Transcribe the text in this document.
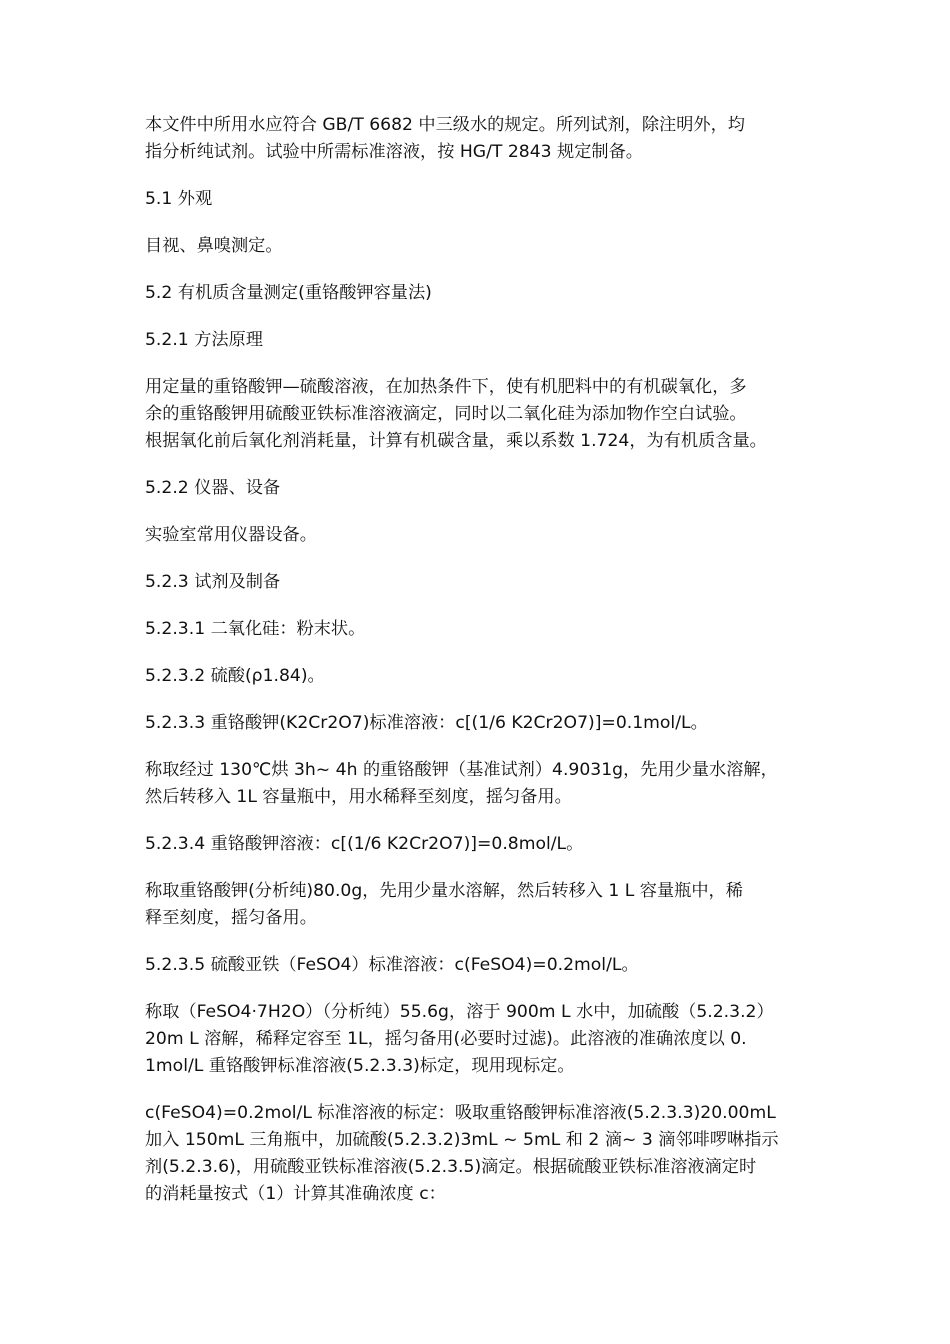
本文件中所用水应符合 GB/T 6682 中三级水的规定。所列试剂，除注明外，均
指分析纯试剂。试验中所需标准溶液，按 HG/T 2843 规定制备。
5.1 外观
目视、鼻嗅测定。
5.2 有机质含量测定(重铬酸钾容量法)
5.2.1 方法原理
用定量的重铬酸钾—硫酸溶液，在加热条件下，使有机肥料中的有机碳氧化，多
余的重铬酸钾用硫酸亚铁标准溶液滴定，同时以二氧化硅为添加物作空白试验。
根据氧化前后氧化剂消耗量，计算有机碳含量，乘以系数 1.724，为有机质含量。
5.2.2 仪器、设备
实验室常用仪器设备。
5.2.3 试剂及制备
5.2.3.1 二氧化硅：粉末状。
5.2.3.2 硫酸(ρ1.84)。
5.2.3.3 重铬酸钾(K2Cr2O7)标准溶液：c[(1/6 K2Cr2O7)]=0.1mol/L。
称取经过 130℃烘 3h~ 4h 的重铬酸钾（基准试剂）4.9031g，先用少量水溶解，
然后转移入 1L 容量瓶中，用水稀释至刻度，摇匀备用。
5.2.3.4 重铬酸钾溶液：c[(1/6 K2Cr2O7)]=0.8mol/L。
称取重铬酸钾(分析纯)80.0g，先用少量水溶解，然后转移入 1 L 容量瓶中，稀
释至刻度，摇匀备用。
5.2.3.5 硫酸亚铁（FeSO4）标准溶液：c(FeSO4)=0.2mol/L。
称取（FeSO4·7H2O）（分析纯）55.6g，溶于 900m L 水中，加硫酸（5.2.3.2）
20m L 溶解，稀释定容至 1L，摇匀备用(必要时过滤)。此溶液的准确浓度以 0.
1mol/L 重铬酸钾标准溶液(5.2.3.3)标定，现用现标定。
c(FeSO4)=0.2mol/L 标准溶液的标定：吸取重铬酸钾标准溶液(5.2.3.3)20.00mL
加入 150mL 三角瓶中，加硫酸(5.2.3.2)3mL ~ 5mL 和 2 滴~ 3 滴邻啡啰啉指示
剂(5.2.3.6)，用硫酸亚铁标准溶液(5.2.3.5)滴定。根据硫酸亚铁标准溶液滴定时
的消耗量按式（1）计算其准确浓度 c：
